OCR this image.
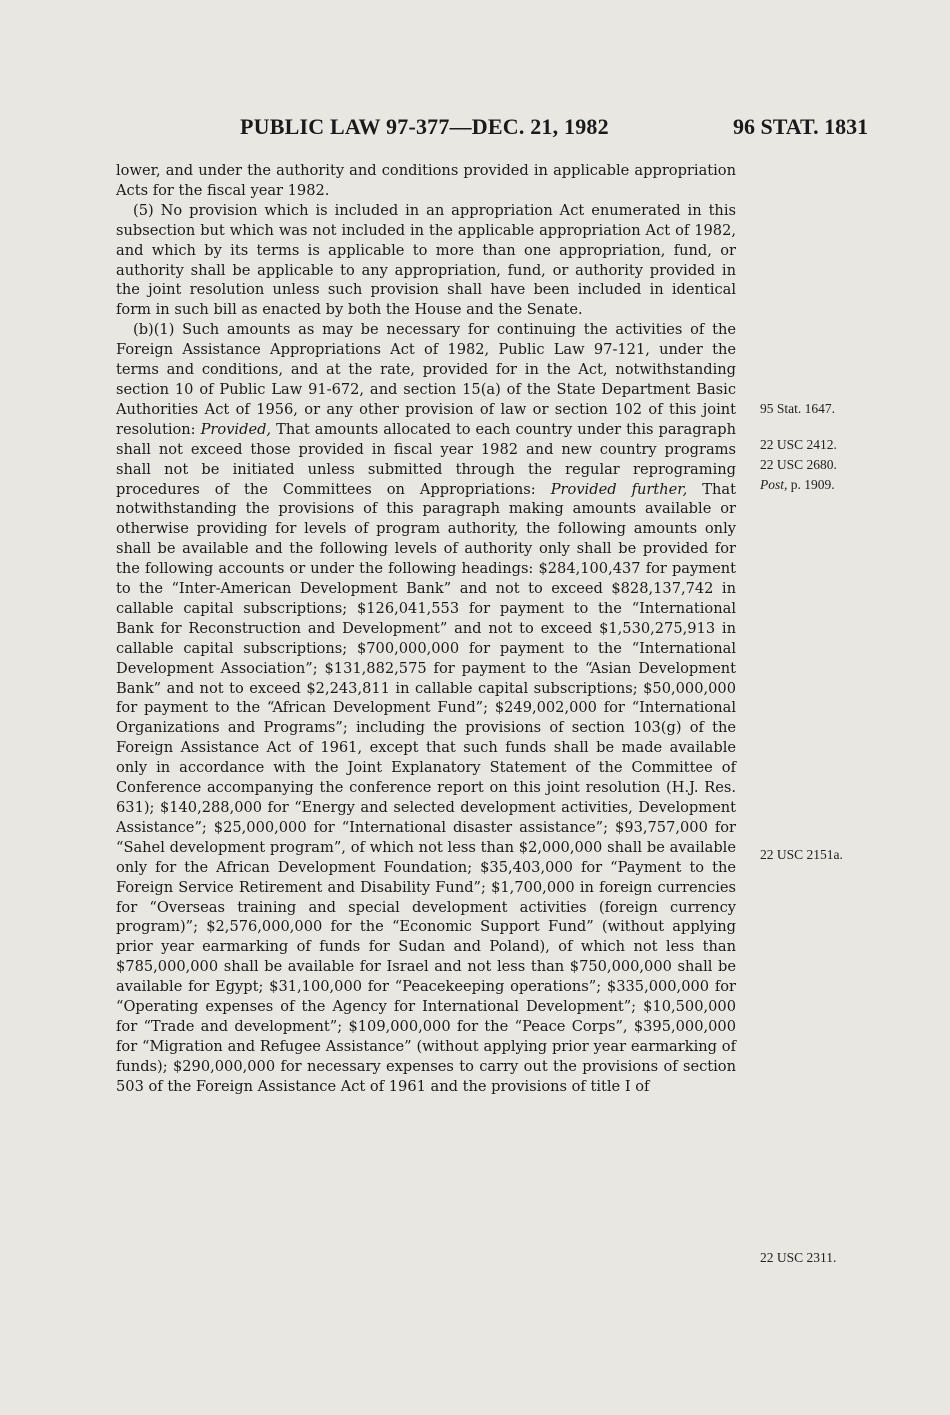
PUBLIC LAW 97-377—DEC. 21, 1982	96 STAT. 1831

lower, and under the authority and conditions provided in applicable appropriation Acts for the fiscal year 1982.

(5) No provision which is included in an appropriation Act enumerated in this subsection but which was not included in the applicable appropriation Act of 1982, and which by its terms is applicable to more than one appropriation, fund, or authority shall be applicable to any appropriation, fund, or authority provided in the joint resolution unless such provision shall have been included in identical form in such bill as enacted by both the House and the Senate.

(b)(1) Such amounts as may be necessary for continuing the activities of the Foreign Assistance Appropriations Act of 1982, Public Law 97-121, under the terms and conditions, and at the rate, provided for in the Act, notwithstanding section 10 of Public Law 91-672, and section 15(a) of the State Department Basic Authorities Act of 1956, or any other provision of law or section 102 of this joint resolution: Provided, That amounts allocated to each country under this paragraph shall not exceed those provided in fiscal year 1982 and new country programs shall not be initiated unless submitted through the regular reprograming procedures of the Committees on Appropriations: Provided further, That notwithstanding the provisions of this paragraph making amounts available or otherwise providing for levels of program authority, the following amounts only shall be available and the following levels of authority only shall be provided for the following accounts or under the following headings: $284,100,437 for payment to the “Inter-American Development Bank” and not to exceed $828,137,742 in callable capital subscriptions; $126,041,553 for payment to the “International Bank for Reconstruction and Development” and not to exceed $1,530,275,913 in callable capital subscriptions; $700,000,000 for payment to the “International Development Association”; $131,882,575 for payment to the “Asian Development Bank” and not to exceed $2,243,811 in callable capital subscriptions; $50,000,000 for payment to the “African Development Fund”; $249,002,000 for “International Organizations and Programs”; including the provisions of section 103(g) of the Foreign Assistance Act of 1961, except that such funds shall be made available only in accordance with the Joint Explanatory Statement of the Committee of Conference accompanying the conference report on this joint resolution (H.J. Res. 631); $140,288,000 for “Energy and selected development activities, Development Assistance”; $25,000,000 for “International disaster assistance”; $93,757,000 for “Sahel development program”, of which not less than $2,000,000 shall be available only for the African Development Foundation; $35,403,000 for “Payment to the Foreign Service Retirement and Disability Fund”; $1,700,000 in foreign currencies for “Overseas training and special development activities (foreign currency program)”; $2,576,000,000 for the “Economic Support Fund” (without applying prior year earmarking of funds for Sudan and Poland), of which not less than $785,000,000 shall be available for Israel and not less than $750,000,000 shall be available for Egypt; $31,100,000 for “Peacekeeping operations”; $335,000,000 for “Operating expenses of the Agency for International Development”; $10,500,000 for “Trade and development”; $109,000,000 for the “Peace Corps”, $395,000,000 for “Migration and Refugee Assistance” (without applying prior year earmarking of funds); $290,000,000 for necessary expenses to carry out the provisions of section 503 of the Foreign Assistance Act of 1961 and the provisions of title I of

95 Stat. 1647.
22 USC 2412.
22 USC 2680.
Post, p. 1909.
22 USC 2151a.
22 USC 2311.
